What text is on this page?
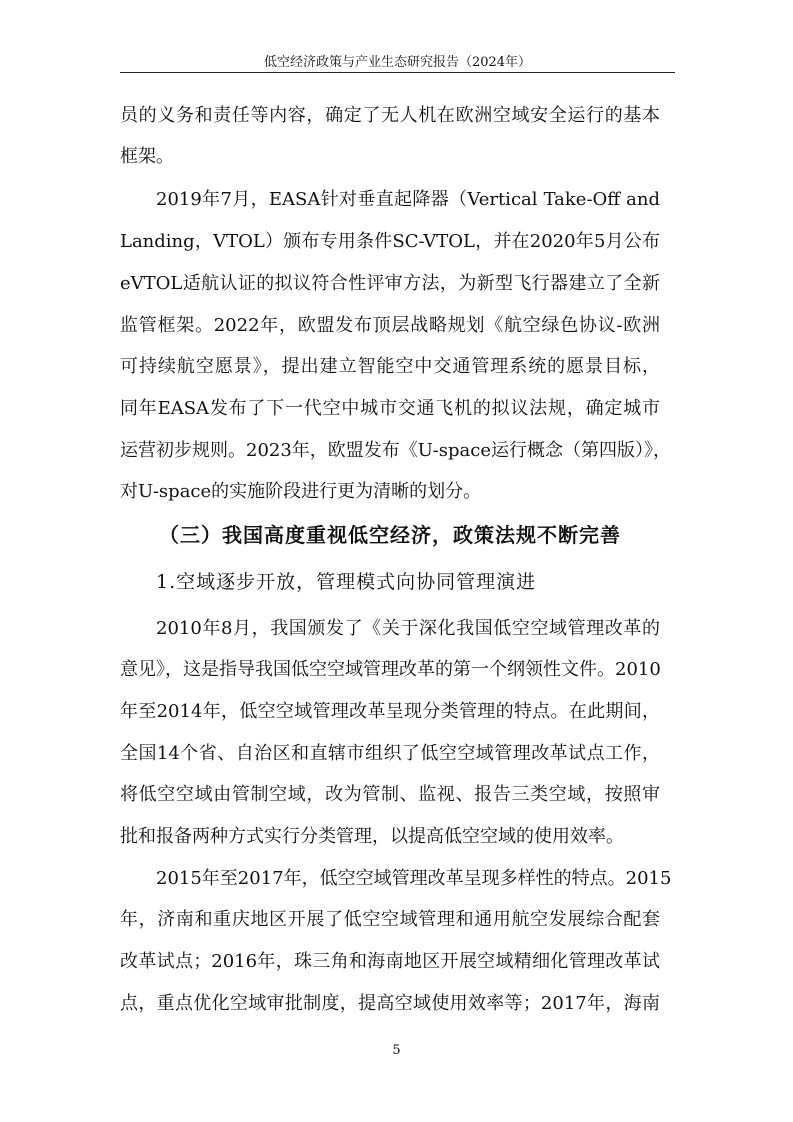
低空经济政策与产业生态研究报告（2024年）
员的义务和责任等内容，确定了无人机在欧洲空域安全运行的基本
框架。
2019年7月，EASA针对垂直起降器（Vertical Take-Off and
Landing，VTOL）颁布专用条件SC-VTOL，并在2020年5月公布
eVTOL适航认证的拟议符合性评审方法，为新型飞行器建立了全新
监管框架。2022年，欧盟发布顶层战略规划《航空绿色协议-欧洲
可持续航空愿景》，提出建立智能空中交通管理系统的愿景目标，
同年EASA发布了下一代空中城市交通飞机的拟议法规，确定城市
运营初步规则。2023年，欧盟发布《U-space运行概念（第四版）》，
对U-space的实施阶段进行更为清晰的划分。
（三）我国高度重视低空经济，政策法规不断完善
1.空域逐步开放，管理模式向协同管理演进
2010年8月，我国颁发了《关于深化我国低空空域管理改革的
意见》，这是指导我国低空空域管理改革的第一个纲领性文件。2010
年至2014年，低空空域管理改革呈现分类管理的特点。在此期间，
全国14个省、自治区和直辖市组织了低空空域管理改革试点工作，
将低空空域由管制空域，改为管制、监视、报告三类空域，按照审
批和报备两种方式实行分类管理，以提高低空空域的使用效率。
2015年至2017年，低空空域管理改革呈现多样性的特点。2015
年，济南和重庆地区开展了低空空域管理和通用航空发展综合配套
改革试点；2016年，珠三角和海南地区开展空域精细化管理改革试
点，重点优化空域审批制度，提高空域使用效率等；2017年，海南
5
